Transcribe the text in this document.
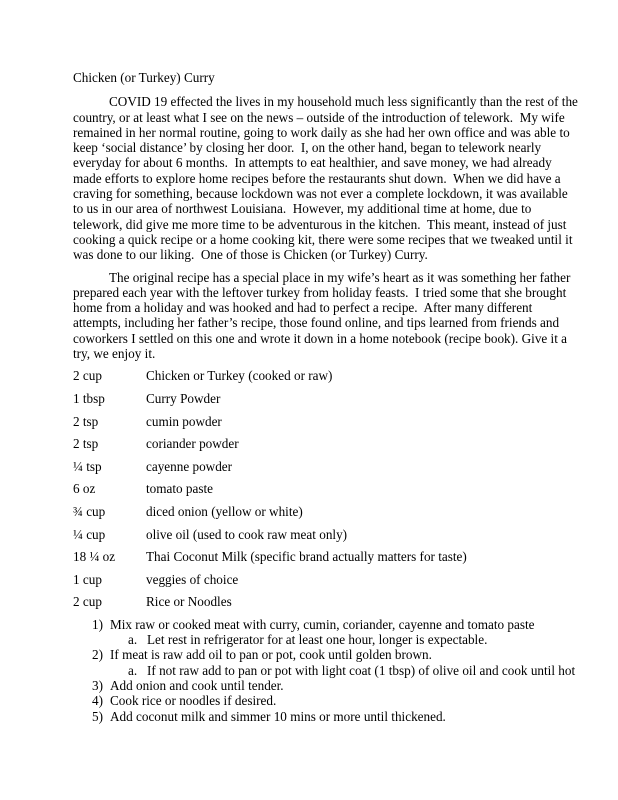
Chicken (or Turkey) Curry

COVID 19 effected the lives in my household much less significantly than the rest of the country, or at least what I see on the news – outside of the introduction of telework.  My wife remained in her normal routine, going to work daily as she had her own office and was able to keep ‘social distance’ by closing her door.  I, on the other hand, began to telework nearly everyday for about 6 months.  In attempts to eat healthier, and save money, we had already made efforts to explore home recipes before the restaurants shut down.  When we did have a craving for something, because lockdown was not ever a complete lockdown, it was available to us in our area of northwest Louisiana.  However, my additional time at home, due to telework, did give me more time to be adventurous in the kitchen.  This meant, instead of just cooking a quick recipe or a home cooking kit, there were some recipes that we tweaked until it was done to our liking.  One of those is Chicken (or Turkey) Curry.

The original recipe has a special place in my wife’s heart as it was something her father prepared each year with the leftover turkey from holiday feasts.  I tried some that she brought home from a holiday and was hooked and had to perfect a recipe.  After many different attempts, including her father’s recipe, those found online, and tips learned from friends and coworkers I settled on this one and wrote it down in a home notebook (recipe book). Give it a try, we enjoy it.

2 cup	Chicken or Turkey (cooked or raw)
1 tbsp	Curry Powder
2 tsp	cumin powder
2 tsp	coriander powder
¼ tsp	cayenne powder
6 oz	tomato paste
¾ cup	diced onion (yellow or white)
¼ cup	olive oil (used to cook raw meat only)
18 ¼ oz	Thai Coconut Milk (specific brand actually matters for taste)
1 cup	veggies of choice
2 cup	Rice or Noodles
1) Mix raw or cooked meat with curry, cumin, coriander, cayenne and tomato paste
a. Let rest in refrigerator for at least one hour, longer is expectable.
2) If meat is raw add oil to pan or pot, cook until golden brown.
a. If not raw add to pan or pot with light coat (1 tbsp) of olive oil and cook until hot
3) Add onion and cook until tender.
4) Cook rice or noodles if desired.
5) Add coconut milk and simmer 10 mins or more until thickened.
